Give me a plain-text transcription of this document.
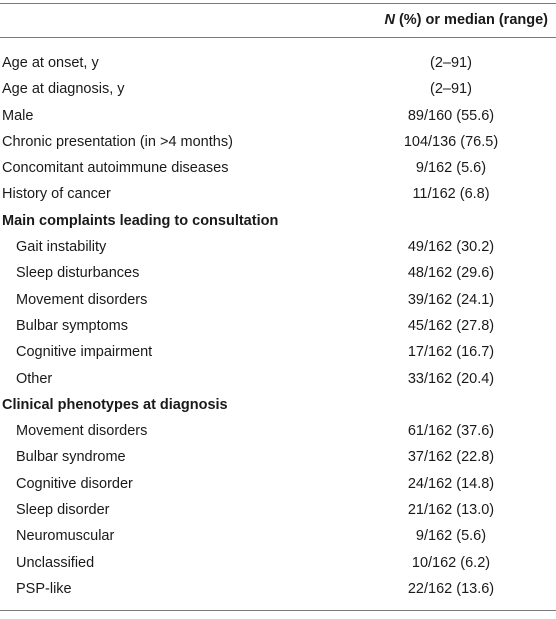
N (%) or median (range)
Age at onset, y	(2–91)
Age at diagnosis, y	(2–91)
Male	89/160 (55.6)
Chronic presentation (in >4 months)	104/136 (76.5)
Concomitant autoimmune diseases	9/162 (5.6)
History of cancer	11/162 (6.8)
Main complaints leading to consultation
Gait instability	49/162 (30.2)
Sleep disturbances	48/162 (29.6)
Movement disorders	39/162 (24.1)
Bulbar symptoms	45/162 (27.8)
Cognitive impairment	17/162 (16.7)
Other	33/162 (20.4)
Clinical phenotypes at diagnosis
Movement disorders	61/162 (37.6)
Bulbar syndrome	37/162 (22.8)
Cognitive disorder	24/162 (14.8)
Sleep disorder	21/162 (13.0)
Neuromuscular	9/162 (5.6)
Unclassified	10/162 (6.2)
PSP-like	22/162 (13.6)
